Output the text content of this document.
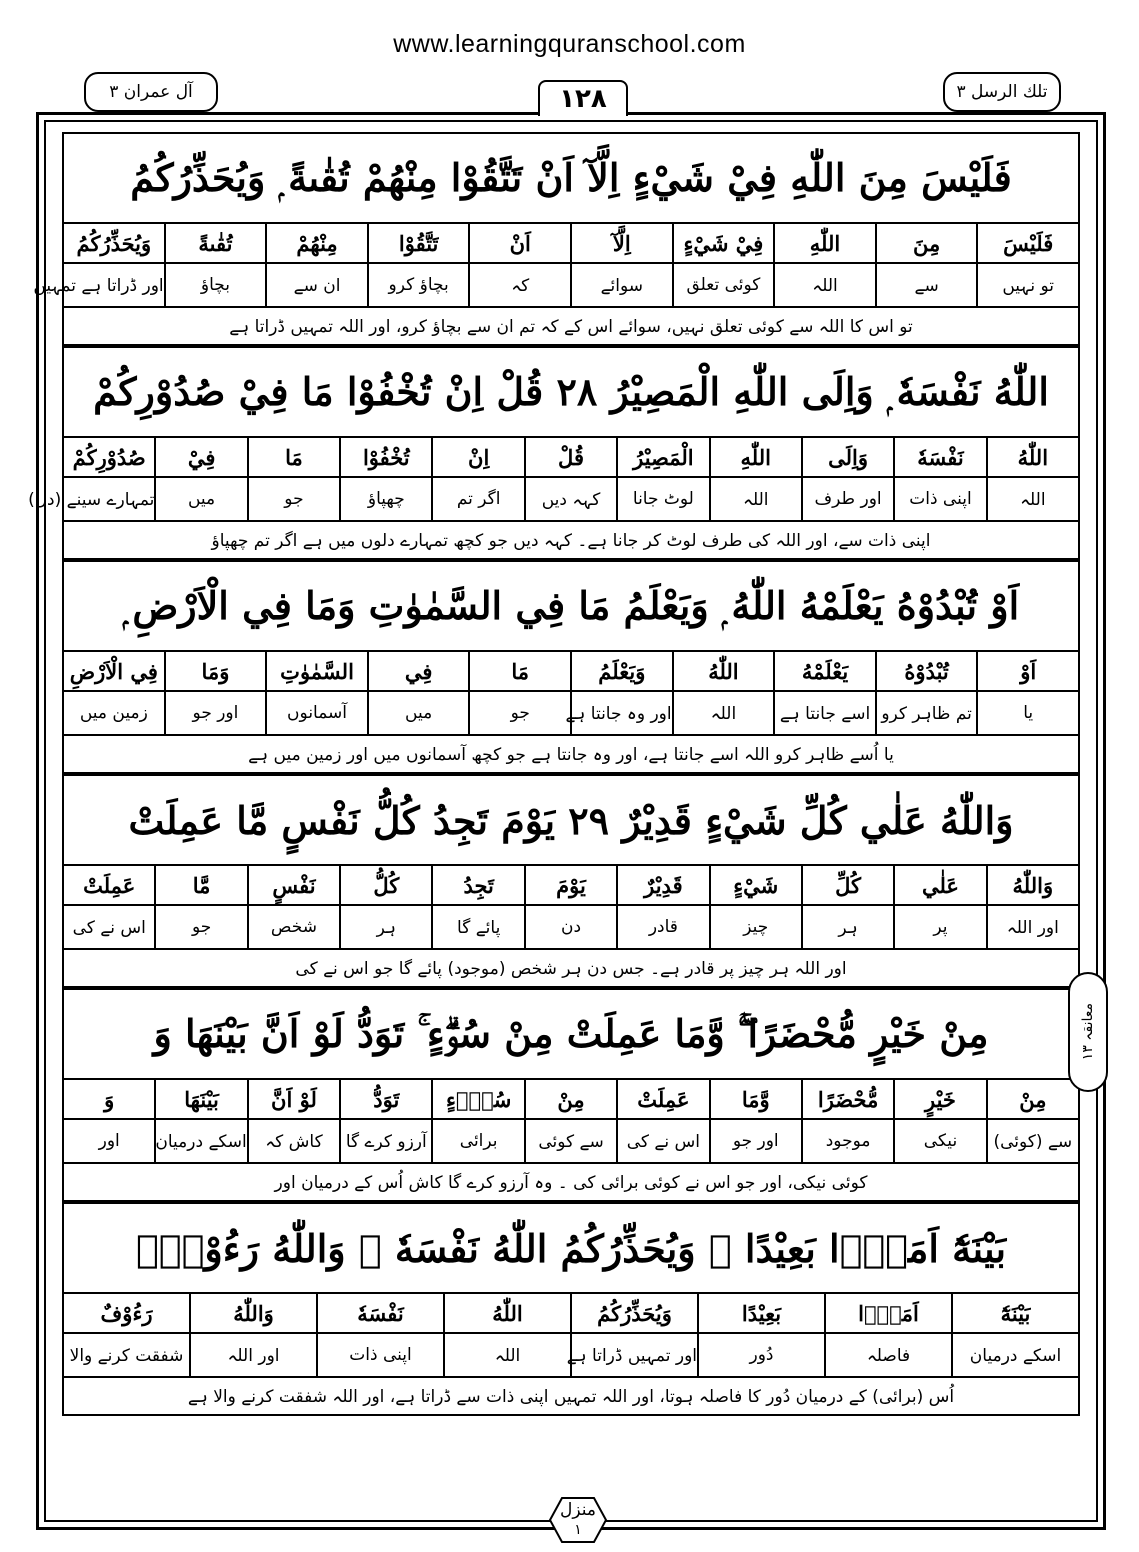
www.learningquranschool.com
آل عمران ۳	تلك الرسل ۳
۱۲۸
فَلَيْسَ مِنَ اللّٰهِ فِيْ شَيْءٍ اِلَّآ اَنْ تَتَّقُوْا مِنْهُمْ تُقٰىةً ۭ وَيُحَذِّرُكُمُ
فَلَيْسَ	مِنَ	اللّٰهِ	فِيْ شَيْءٍ	اِلَّآ	اَنْ	تَتَّقُوْا	مِنْهُمْ	تُقٰىةً	وَيُحَذِّرُكُمُ
تو نہیں	سے	اللہ	کوئی تعلق	سوائے	کہ	بچاؤ کرو	ان سے	بچاؤ	اور ڈراتا ہے تمہیں
تو اس کا اللہ سے کوئی تعلق نہیں، سوائے اس کے کہ تم ان سے بچاؤ کرو، اور اللہ تمہیں ڈراتا ہے
اللّٰهُ نَفْسَهٗ ۭ وَاِلَى اللّٰهِ الْمَصِيْرُ ۲۸ قُلْ اِنْ تُخْفُوْا مَا فِيْ صُدُوْرِكُمْ
اللّٰهُ	نَفْسَهٗ	وَاِلَى	اللّٰهِ	الْمَصِيْرُ	قُلْ	اِنْ	تُخْفُوْا	مَا	فِيْ	صُدُوْرِكُمْ
اللہ	اپنی ذات	اور طرف	اللہ	لوٹ جانا	کہہ دیں	اگر تم	چھپاؤ	جو	میں	تمہارے سینے (دل)
اپنی ذات سے، اور اللہ کی طرف لوٹ کر جانا ہے۔ کہہ دیں جو کچھ تمہارے دلوں میں ہے اگر تم چھپاؤ
اَوْ تُبْدُوْهُ يَعْلَمْهُ اللّٰهُ ۭ وَيَعْلَمُ مَا فِي السَّمٰوٰتِ وَمَا فِي الْاَرْضِ ۭ
اَوْ	تُبْدُوْهُ	يَعْلَمْهُ	اللّٰهُ	وَيَعْلَمُ	مَا	فِي	السَّمٰوٰتِ	وَمَا	فِي الْاَرْضِ
یا	تم ظاہر کرو	اسے جانتا ہے	اللہ	اور وہ جانتا ہے	جو	میں	آسمانوں	اور جو	زمین میں
یا اُسے ظاہر کرو اللہ اسے جانتا ہے، اور وہ جانتا ہے جو کچھ آسمانوں میں اور زمین میں ہے
وَاللّٰهُ عَلٰي كُلِّ شَيْءٍ قَدِيْرٌ ۲۹ يَوْمَ تَجِدُ كُلُّ نَفْسٍ مَّا عَمِلَتْ
وَاللّٰهُ	عَلٰي	كُلِّ	شَيْءٍ	قَدِيْرٌ	يَوْمَ	تَجِدُ	كُلُّ	نَفْسٍ	مَّا	عَمِلَتْ
اور اللہ	پر	ہر	چیز	قادر	دن	پائے گا	ہر	شخص	جو	اس نے کی
اور اللہ ہر چیز پر قادر ہے۔ جس دن ہر شخص (موجود) پائے گا جو اس نے کی
مِنْ خَيْرٍ مُّحْضَرًا ۚۖ وَّمَا عَمِلَتْ مِنْ سُوْۗءٍ ۚ تَوَدُّ لَوْ اَنَّ بَيْنَهَا وَ
مِنْ	خَيْرٍ	مُّحْضَرًا	وَّمَا	عَمِلَتْ	مِنْ	سُوْۗءٍ	تَوَدُّ	لَوْ اَنَّ	بَيْنَهَا	وَ
سے (کوئی)	نیکی	موجود	اور جو	اس نے کی	سے کوئی	برائی	آرزو کرے گا	کاش کہ	اسکے درمیان	اور
کوئی نیکی، اور جو اس نے کوئی برائی کی ۔ وہ آرزو کرے گا کاش اُس کے درمیان اور
بَيْنَهٗٓ اَمَدًۢا بَعِيْدًا ۭ وَيُحَذِّرُكُمُ اللّٰهُ نَفْسَهٗ ۭ وَاللّٰهُ رَءُوْفٌۢ
بَيْنَهٗٓ	اَمَدًۢا	بَعِيْدًا	وَيُحَذِّرُكُمُ	اللّٰهُ	نَفْسَهٗ	وَاللّٰهُ	رَءُوْفٌ
اسکے درمیان	فاصلہ	دُور	اور تمہیں ڈراتا ہے	اللہ	اپنی ذات	اور اللہ	شفقت کرنے والا
اُس (برائی) کے درمیان دُور کا فاصلہ ہوتا، اور اللہ تمہیں اپنی ذات سے ڈراتا ہے، اور اللہ شفقت کرنے والا ہے
معانقہ ۱۳
منزل
۱
